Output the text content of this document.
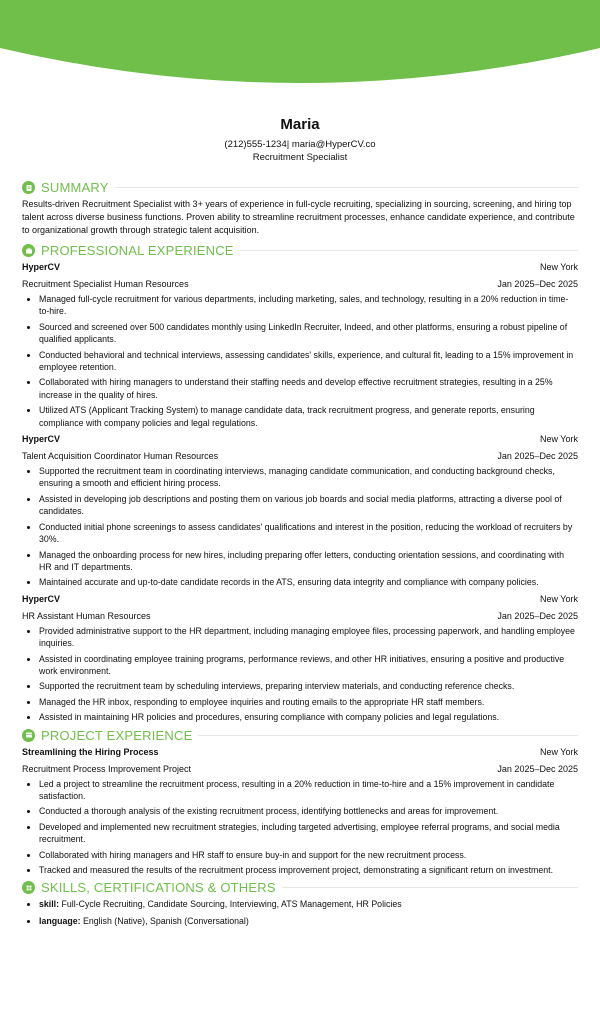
Maria
(212)555-1234| maria@HyperCV.co
Recruitment Specialist
SUMMARY

Results-driven Recruitment Specialist with 3+ years of experience in full-cycle recruiting, specializing in sourcing, screening, and hiring top talent across diverse business functions. Proven ability to streamline recruitment processes, enhance candidate experience, and contribute to organizational growth through strategic talent acquisition.

PROFESSIONAL EXPERIENCE
HyperCV	New York
Recruitment Specialist Human Resources	Jan 2025–Dec 2025
• Managed full-cycle recruitment for various departments, including marketing, sales, and technology, resulting in a 20% reduction in time-to-hire.
• Sourced and screened over 500 candidates monthly using LinkedIn Recruiter, Indeed, and other platforms, ensuring a robust pipeline of qualified applicants.
• Conducted behavioral and technical interviews, assessing candidates' skills, experience, and cultural fit, leading to a 15% improvement in employee retention.
• Collaborated with hiring managers to understand their staffing needs and develop effective recruitment strategies, resulting in a 25% increase in the quality of hires.
• Utilized ATS (Applicant Tracking System) to manage candidate data, track recruitment progress, and generate reports, ensuring compliance with company policies and legal regulations.
HyperCV	New York
Talent Acquisition Coordinator Human Resources	Jan 2025–Dec 2025
• Supported the recruitment team in coordinating interviews, managing candidate communication, and conducting background checks, ensuring a smooth and efficient hiring process.
• Assisted in developing job descriptions and posting them on various job boards and social media platforms, attracting a diverse pool of candidates.
• Conducted initial phone screenings to assess candidates' qualifications and interest in the position, reducing the workload of recruiters by 30%.
• Managed the onboarding process for new hires, including preparing offer letters, conducting orientation sessions, and coordinating with HR and IT departments.
• Maintained accurate and up-to-date candidate records in the ATS, ensuring data integrity and compliance with company policies.
HyperCV	New York
HR Assistant Human Resources	Jan 2025–Dec 2025
• Provided administrative support to the HR department, including managing employee files, processing paperwork, and handling employee inquiries.
• Assisted in coordinating employee training programs, performance reviews, and other HR initiatives, ensuring a positive and productive work environment.
• Supported the recruitment team by scheduling interviews, preparing interview materials, and conducting reference checks.
• Managed the HR inbox, responding to employee inquiries and routing emails to the appropriate HR staff members.
• Assisted in maintaining HR policies and procedures, ensuring compliance with company policies and legal regulations.
PROJECT EXPERIENCE
Streamlining the Hiring Process	New York
Recruitment Process Improvement Project	Jan 2025–Dec 2025
• Led a project to streamline the recruitment process, resulting in a 20% reduction in time-to-hire and a 15% improvement in candidate satisfaction.
• Conducted a thorough analysis of the existing recruitment process, identifying bottlenecks and areas for improvement.
• Developed and implemented new recruitment strategies, including targeted advertising, employee referral programs, and social media recruitment.
• Collaborated with hiring managers and HR staff to ensure buy-in and support for the new recruitment process.
• Tracked and measured the results of the recruitment process improvement project, demonstrating a significant return on investment.
SKILLS, CERTIFICATIONS & OTHERS
• skill: Full-Cycle Recruiting, Candidate Sourcing, Interviewing, ATS Management, HR Policies
• language: English (Native), Spanish (Conversational)
